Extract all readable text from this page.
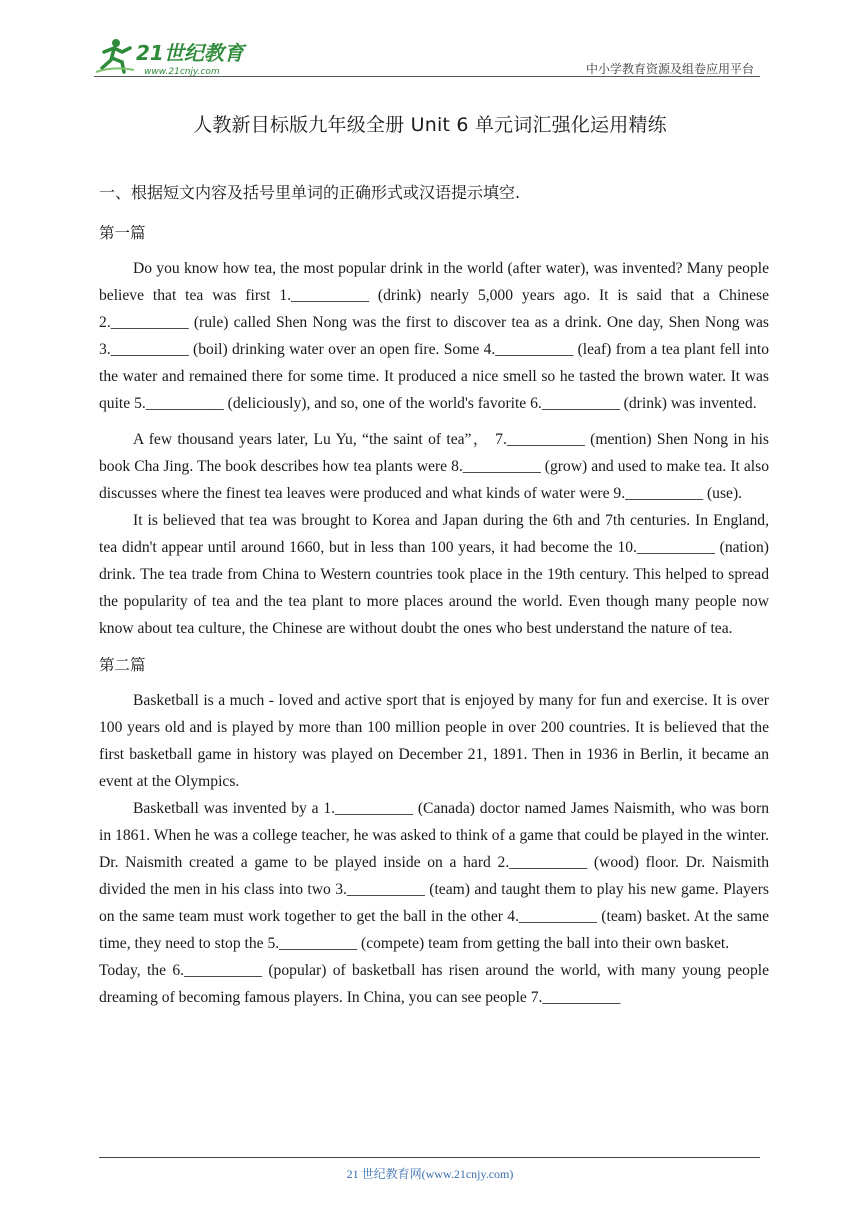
21世纪教育
www.21cnjy.com	中小学教育资源及组卷应用平台
人教新目标版九年级全册 Unit 6 单元词汇强化运用精练
一、根据短文内容及括号里单词的正确形式或汉语提示填空.
第一篇

Do you know how tea, the most popular drink in the world (after water), was invented? Many people believe that tea was first 1.__________ (drink) nearly 5,000 years ago. It is said that a Chinese 2.__________ (rule) called Shen Nong was the first to discover tea as a drink. One day, Shen Nong was 3.__________ (boil) drinking water over an open fire. Some 4.__________ (leaf) from a tea plant fell into the water and remained there for some time. It produced a nice smell so he tasted the brown water. It was quite 5.__________ (deliciously), and so, one of the world's favorite 6.__________ (drink) was invented.

A few thousand years later, Lu Yu, “the saint of tea”， 7.__________ (mention) Shen Nong in his book Cha Jing. The book describes how tea plants were 8.__________ (grow) and used to make tea. It also discusses where the finest tea leaves were produced and what kinds of water were 9.__________ (use).

It is believed that tea was brought to Korea and Japan during the 6th and 7th centuries. In England, tea didn't appear until around 1660, but in less than 100 years, it had become the 10.__________ (nation) drink. The tea trade from China to Western countries took place in the 19th century. This helped to spread the popularity of tea and the tea plant to more places around the world. Even though many people now know about tea culture, the Chinese are without doubt the ones who best understand the nature of tea.

第二篇

Basketball is a much - loved and active sport that is enjoyed by many for fun and exercise. It is over 100 years old and is played by more than 100 million people in over 200 countries. It is believed that the first basketball game in history was played on December 21, 1891. Then in 1936 in Berlin, it became an event at the Olympics.

Basketball was invented by a 1.__________ (Canada) doctor named James Naismith, who was born in 1861. When he was a college teacher, he was asked to think of a game that could be played in the winter. Dr. Naismith created a game to be played inside on a hard 2.__________ (wood) floor. Dr. Naismith divided the men in his class into two 3.__________ (team) and taught them to play his new game. Players on the same team must work together to get the ball in the other 4.__________ (team) basket. At the same time, they need to stop the 5.__________ (compete) team from getting the ball into their own basket.

Today, the 6.__________ (popular) of basketball has risen around the world, with many young people dreaming of becoming famous players. In China, you can see people 7.__________

21 世纪教育网(www.21cnjy.com)
